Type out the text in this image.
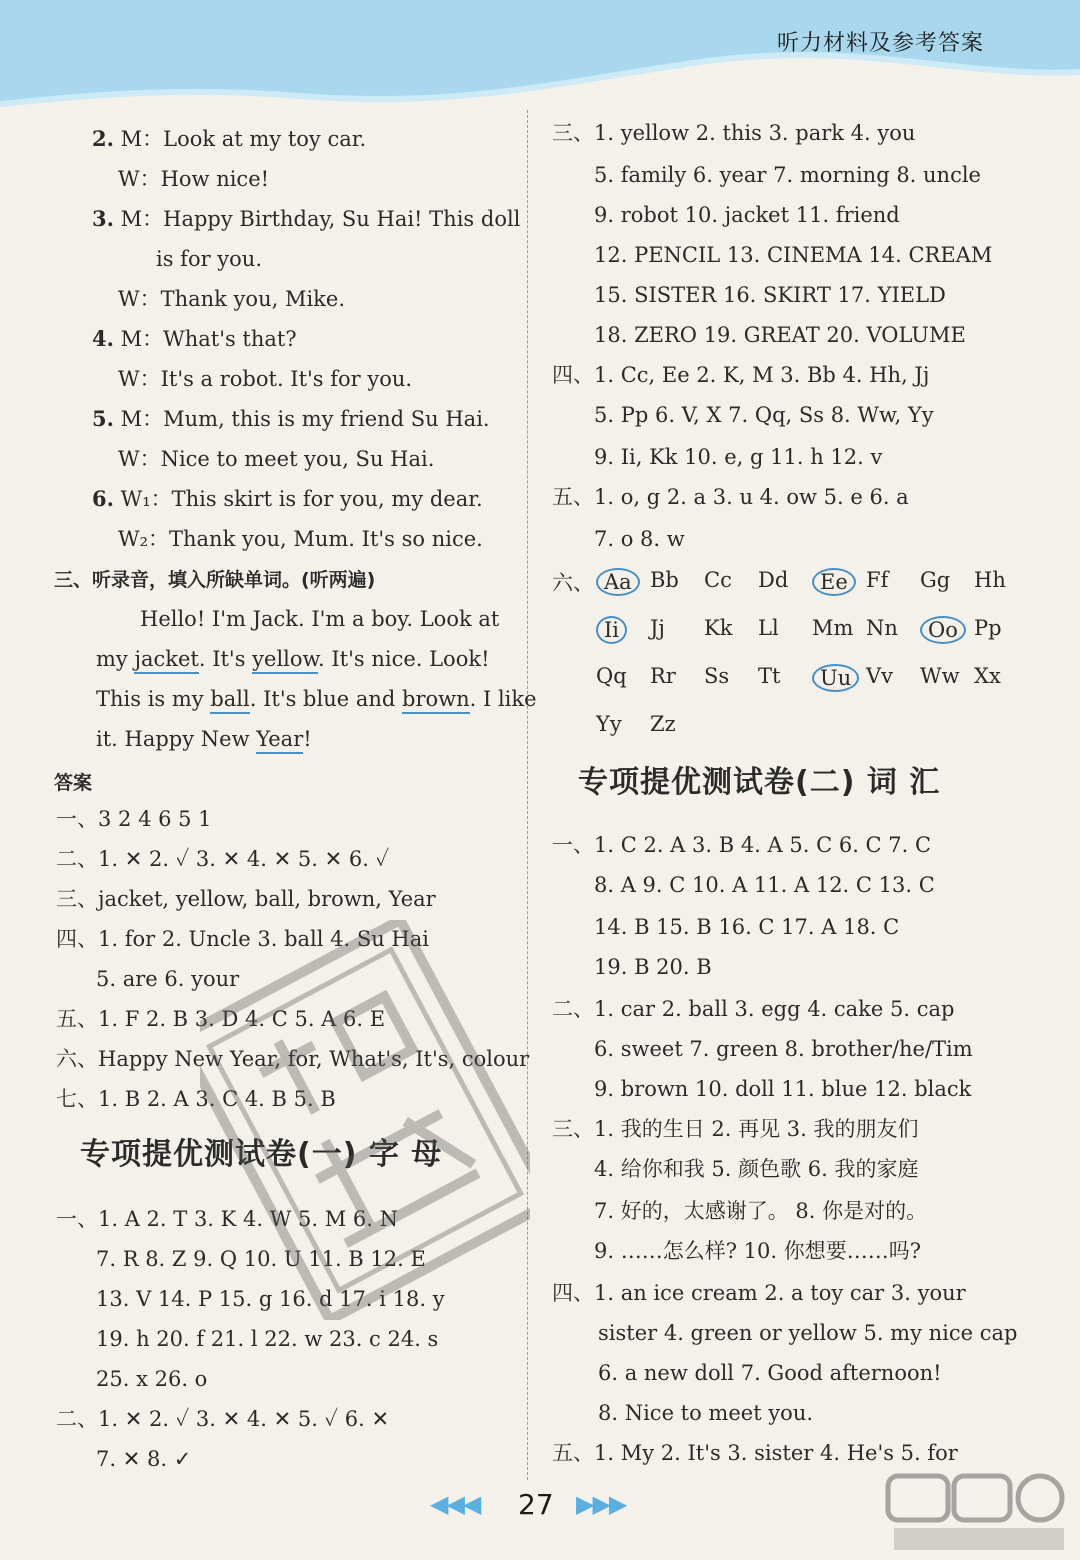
听力材料及参考答案
2. M：Look at my toy car.
W：How nice!
3. M：Happy Birthday, Su Hai! This doll
is for you.
W：Thank you, Mike.
4. M：What's that?
W：It's a robot. It's for you.
5. M：Mum, this is my friend Su Hai.
W：Nice to meet you, Su Hai.
6. W₁：This skirt is for you, my dear.
W₂：Thank you, Mum. It's so nice.
三、听录音，填入所缺单词。(听两遍)
Hello! I'm Jack. I'm a boy. Look at
my jacket. It's yellow. It's nice. Look!
This is my ball. It's blue and brown. I like
it. Happy New Year!
答案
一、3 2 4 6 5 1
二、1. ✕ 2. ✓ 3. ✕ 4. ✕ 5. ✕ 6. ✓
三、jacket, yellow, ball, brown, Year
四、1. for 2. Uncle 3. ball 4. Su Hai
5. are 6. your
五、1. F 2. B 3. D 4. C 5. A 6. E
六、Happy New Year, for, What's, It's, colour
七、1. B 2. A 3. C 4. B 5. B
专项提优测试卷(一) 字 母
一、1. A 2. T 3. K 4. W 5. M 6. N
7. R 8. Z 9. Q 10. U 11. B 12. E
13. V 14. P 15. g 16. d 17. i 18. y
19. h 20. f 21. l 22. w 23. c 24. s
25. x 26. o
二、1. ✕ 2. ✓ 3. ✕ 4. ✕ 5. ✓ 6. ✕
7. ✕ 8. ✓
三、1. yellow 2. this 3. park 4. you
5. family 6. year 7. morning 8. uncle
9. robot 10. jacket 11. friend
12. PENCIL 13. CINEMA 14. CREAM
15. SISTER 16. SKIRT 17. YIELD
18. ZERO 19. GREAT 20. VOLUME
四、1. Cc, Ee 2. K, M 3. Bb 4. Hh, Jj
5. Pp 6. V, X 7. Qq, Ss 8. Ww, Yy
9. Ii, Kk 10. e, g 11. h 12. v
五、1. o, g 2. a 3. u 4. ow 5. e 6. a
7. o 8. w
六、 Aa Bb Cc Dd	Ee Ff Gg Hh
Ii	Jj Kk Ll Mm Nn	Oo Pp
Qq Rr Ss Tt	Uu Vv Ww Xx
Yy Zz
专项提优测试卷(二) 词 汇
一、1. C 2. A 3. B 4. A 5. C 6. C 7. C
8. A 9. C 10. A 11. A 12. C 13. C
14. B 15. B 16. C 17. A 18. C
19. B 20. B
二、1. car 2. ball 3. egg 4. cake 5. cap
6. sweet 7. green 8. brother/he/Tim
9. brown 10. doll 11. blue 12. black
三、1. 我的生日 2. 再见 3. 我的朋友们
4. 给你和我 5. 颜色歌 6. 我的家庭
7. 好的，太感谢了。 8. 你是对的。
9. ……怎么样? 10. 你想要……吗?
四、1. an ice cream 2. a toy car 3. your
sister 4. green or yellow 5. my nice cap
6. a new doll 7. Good afternoon!
8. Nice to meet you.
五、1. My 2. It's 3. sister 4. He's 5. for
◀◀◀ 27 ▶▶▶
